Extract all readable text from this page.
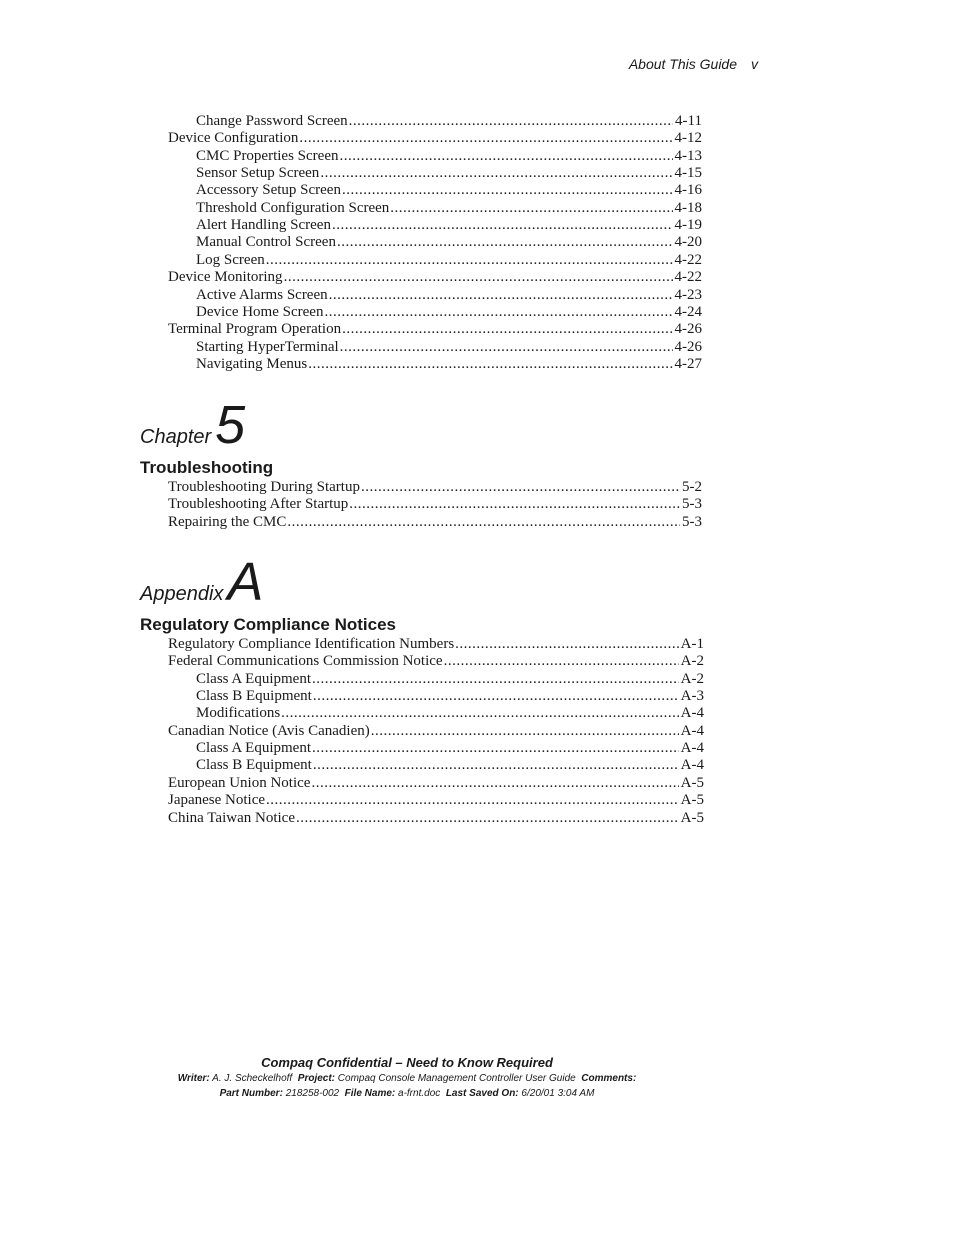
About This Guide v
Change Password Screen .....	4-11
Device Configuration .....	4-12
CMC Properties Screen .....	4-13
Sensor Setup Screen .....	4-15
Accessory Setup Screen .....	4-16
Threshold Configuration Screen .....	4-18
Alert Handling Screen .....	4-19
Manual Control Screen .....	4-20
Log Screen .....	4-22
Device Monitoring .....	4-22
Active Alarms Screen .....	4-23
Device Home Screen .....	4-24
Terminal Program Operation .....	4-26
Starting HyperTerminal .....	4-26
Navigating Menus .....	4-27
Chapter5
Troubleshooting
Troubleshooting During Startup .....	5-2
Troubleshooting After Startup .....	5-3
Repairing the CMC .....	5-3
AppendixA
Regulatory Compliance Notices
Regulatory Compliance Identification Numbers .....	A-1
Federal Communications Commission Notice .....	A-2
Class A Equipment .....	A-2
Class B Equipment .....	A-3
Modifications .....	A-4
Canadian Notice (Avis Canadien) .....	A-4
Class A Equipment .....	A-4
Class B Equipment .....	A-4
European Union Notice .....	A-5
Japanese Notice .....	A-5
China Taiwan Notice .....	A-5
Compaq Confidential – Need to Know Required
Writer: A. J. Scheckelhoff Project: Compaq Console Management Controller User Guide Comments:
Part Number: 218258-002 File Name: a-frnt.doc Last Saved On: 6/20/01 3:04 AM
